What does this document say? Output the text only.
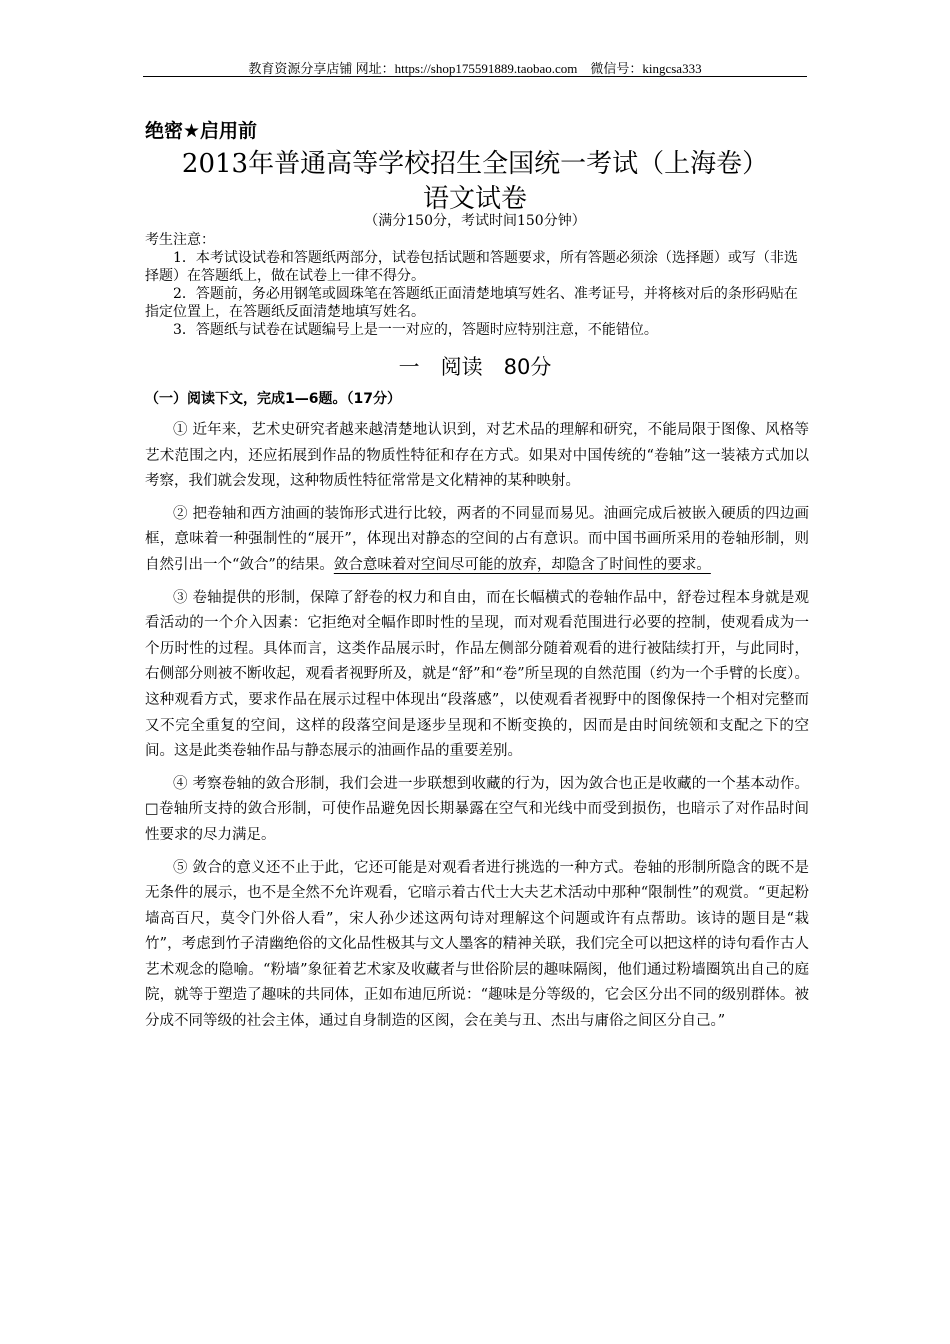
教育资源分享店铺 网址：https://shop175591889.taobao.com　微信号：kingcsa333
绝密★启用前
2013年普通高等学校招生全国统一考试（上海卷）
语文试卷
（满分150分，考试时间150分钟）

考生注意：

1．本考试设试卷和答题纸两部分，试卷包括试题和答题要求，所有答题必须涂（选择题）或写（非选择题）在答题纸上，做在试卷上一律不得分。

2．答题前，务必用钢笔或圆珠笔在答题纸正面清楚地填写姓名、准考证号，并将核对后的条形码贴在指定位置上，在答题纸反面清楚地填写姓名。

3．答题纸与试卷在试题编号上是一一对应的，答题时应特别注意，不能错位。

一　阅读　80分
（一）阅读下文，完成1—6题。（17分）

① 近年来，艺术史研究者越来越清楚地认识到，对艺术品的理解和研究，不能局限于图像、风格等艺术范围之内，还应拓展到作品的物质性特征和存在方式。如果对中国传统的“卷轴”这一装裱方式加以考察，我们就会发现，这种物质性特征常常是文化精神的某种映射。

② 把卷轴和西方油画的装饰形式进行比较，两者的不同显而易见。油画完成后被嵌入硬质的四边画框，意味着一种强制性的“展开”，体现出对静态的空间的占有意识。而中国书画所采用的卷轴形制，则自然引出一个“敛合”的结果。敛合意味着对空间尽可能的放弃，却隐含了时间性的要求。

③ 卷轴提供的形制，保障了舒卷的权力和自由，而在长幅横式的卷轴作品中，舒卷过程本身就是观看活动的一个介入因素：它拒绝对全幅作即时性的呈现，而对观看范围进行必要的控制，使观看成为一个历时性的过程。具体而言，这类作品展示时，作品左侧部分随着观看的进行被陆续打开，与此同时，右侧部分则被不断收起，观看者视野所及，就是“舒”和“卷”所呈现的自然范围（约为一个手臂的长度）。这种观看方式，要求作品在展示过程中体现出“段落感”，以使观看者视野中的图像保持一个相对完整而又不完全重复的空间，这样的段落空间是逐步呈现和不断变换的，因而是由时间统领和支配之下的空间。这是此类卷轴作品与静态展示的油画作品的重要差别。

④ 考察卷轴的敛合形制，我们会进一步联想到收藏的行为，因为敛合也正是收藏的一个基本动作。□卷轴所支持的敛合形制，可使作品避免因长期暴露在空气和光线中而受到损伤，也暗示了对作品时间性要求的尽力满足。

⑤ 敛合的意义还不止于此，它还可能是对观看者进行挑选的一种方式。卷轴的形制所隐含的既不是无条件的展示，也不是全然不允许观看，它暗示着古代士大夫艺术活动中那种“限制性”的观赏。“更起粉墙高百尺，莫令门外俗人看”，宋人孙少述这两句诗对理解这个问题或许有点帮助。该诗的题目是“栽竹”，考虑到竹子清幽绝俗的文化品性极其与文人墨客的精神关联，我们完全可以把这样的诗句看作古人艺术观念的隐喻。“粉墙”象征着艺术家及收藏者与世俗阶层的趣味隔阂，他们通过粉墙圈筑出自己的庭院，就等于塑造了趣味的共同体，正如布迪厄所说：“趣味是分等级的，它会区分出不同的级别群体。被分成不同等级的社会主体，通过自身制造的区阂，会在美与丑、杰出与庸俗之间区分自己。”
